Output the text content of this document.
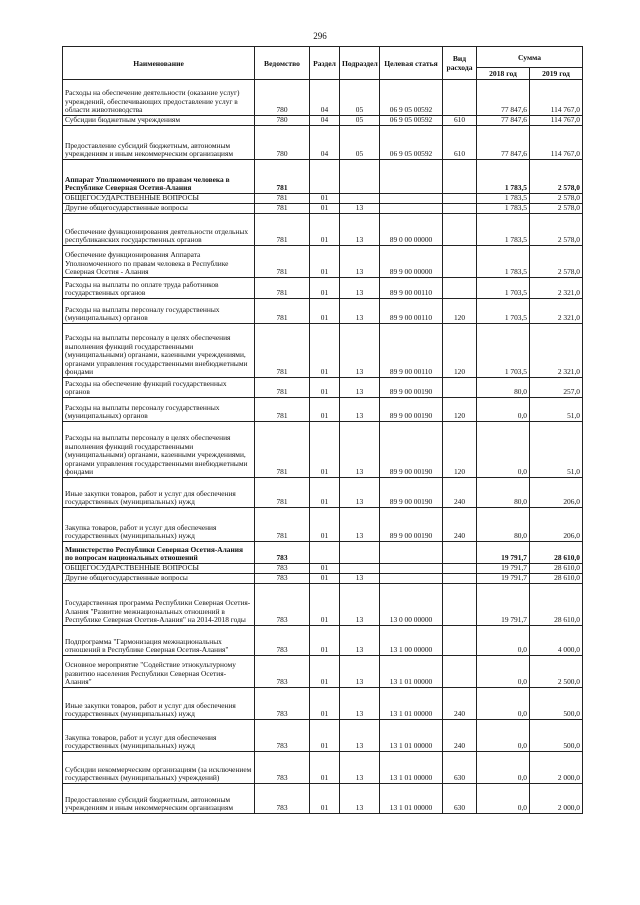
296
Наименование	Ведомство	Раздел	Подраздел	Целевая статья	Вид расхода	Сумма	
						2018 год	2019 год
Расходы на обеспечение деятельности (оказание услуг) учреждений, обеспечивающих предоставление услуг в области животноводства	780	04	05	06 9 05 00592		77 847,6	114 767,0
Субсидии бюджетным учреждениям	780	04	05	06 9 05 00592	610	77 847,6	114 767,0
Предоставление субсидий бюджетным, автономным учреждениям и иным некоммерческим организациям	780	04	05	06 9 05 00592	610	77 847,6	114 767,0
Аппарат Уполномоченного по правам человека в Республике Северная Осетия-Алания	781					1 783,5	2 578,0
ОБЩЕГОСУДАРСТВЕННЫЕ ВОПРОСЫ	781	01				1 783,5	2 578,0
Другие общегосударственные вопросы	781	01	13			1 783,5	2 578,0
Обеспечение функционирования деятельности отдельных республиканских государственных органов	781	01	13	89 0 00 00000		1 783,5	2 578,0
Обеспечение функционирования Аппарата Уполномоченного по правам человека в Республике Северная Осетия - Алания	781	01	13	89 9 00 00000		1 783,5	2 578,0
Расходы на выплаты по оплате труда работников государственных органов	781	01	13	89 9 00 00110		1 703,5	2 321,0
Расходы на выплаты персоналу государственных (муниципальных) органов	781	01	13	89 9 00 00110	120	1 703,5	2 321,0
Расходы на выплаты персоналу в целях обеспечения выполнения функций государственными (муниципальными) органами, казенными учреждениями, органами управления государственными внебюджетными фондами	781	01	13	89 9 00 00110	120	1 703,5	2 321,0
Расходы на обеспечение функций государственных органов	781	01	13	89 9 00 00190		80,0	257,0
Расходы на выплаты персоналу государственных (муниципальных) органов	781	01	13	89 9 00 00190	120	0,0	51,0
Расходы на выплаты персоналу в целях обеспечения выполнения функций государственными (муниципальными) органами, казенными учреждениями, органами управления государственными внебюджетными фондами	781	01	13	89 9 00 00190	120	0,0	51,0
Иные закупки товаров, работ и услуг для обеспечения государственных (муниципальных) нужд	781	01	13	89 9 00 00190	240	80,0	206,0
Закупка товаров, работ и услуг для обеспечения государственных (муниципальных) нужд	781	01	13	89 9 00 00190	240	80,0	206,0
Министерство Республики Северная Осетия-Алания по вопросам национальных отношений	783					19 791,7	28 610,0
ОБЩЕГОСУДАРСТВЕННЫЕ ВОПРОСЫ	783	01				19 791,7	28 610,0
Другие общегосударственные вопросы	783	01	13			19 791,7	28 610,0
Государственная программа Республики Северная Осетия-Алания "Развитие межнациональных отношений в Республике Северная Осетия-Алания" на 2014-2018 годы	783	01	13	13 0 00 00000		19 791,7	28 610,0
Подпрограмма "Гармонизация межнациональных отношений в Республике Северная Осетия-Алания"	783	01	13	13 1 00 00000		0,0	4 000,0
Основное мероприятие "Содействие этнокультурному развитию населения Республики Северная Осетия-Алания"	783	01	13	13 1 01 00000		0,0	2 500,0
Иные закупки товаров, работ и услуг для обеспечения государственных (муниципальных) нужд	783	01	13	13 1 01 00000	240	0,0	500,0
Закупка товаров, работ и услуг для обеспечения государственных (муниципальных) нужд	783	01	13	13 1 01 00000	240	0,0	500,0
Субсидии некоммерческим организациям (за исключением государственных (муниципальных) учреждений)	783	01	13	13 1 01 00000	630	0,0	2 000,0
Предоставление субсидий бюджетным, автономным учреждениям и иным некоммерческим организациям	783	01	13	13 1 01 00000	630	0,0	2 000,0
